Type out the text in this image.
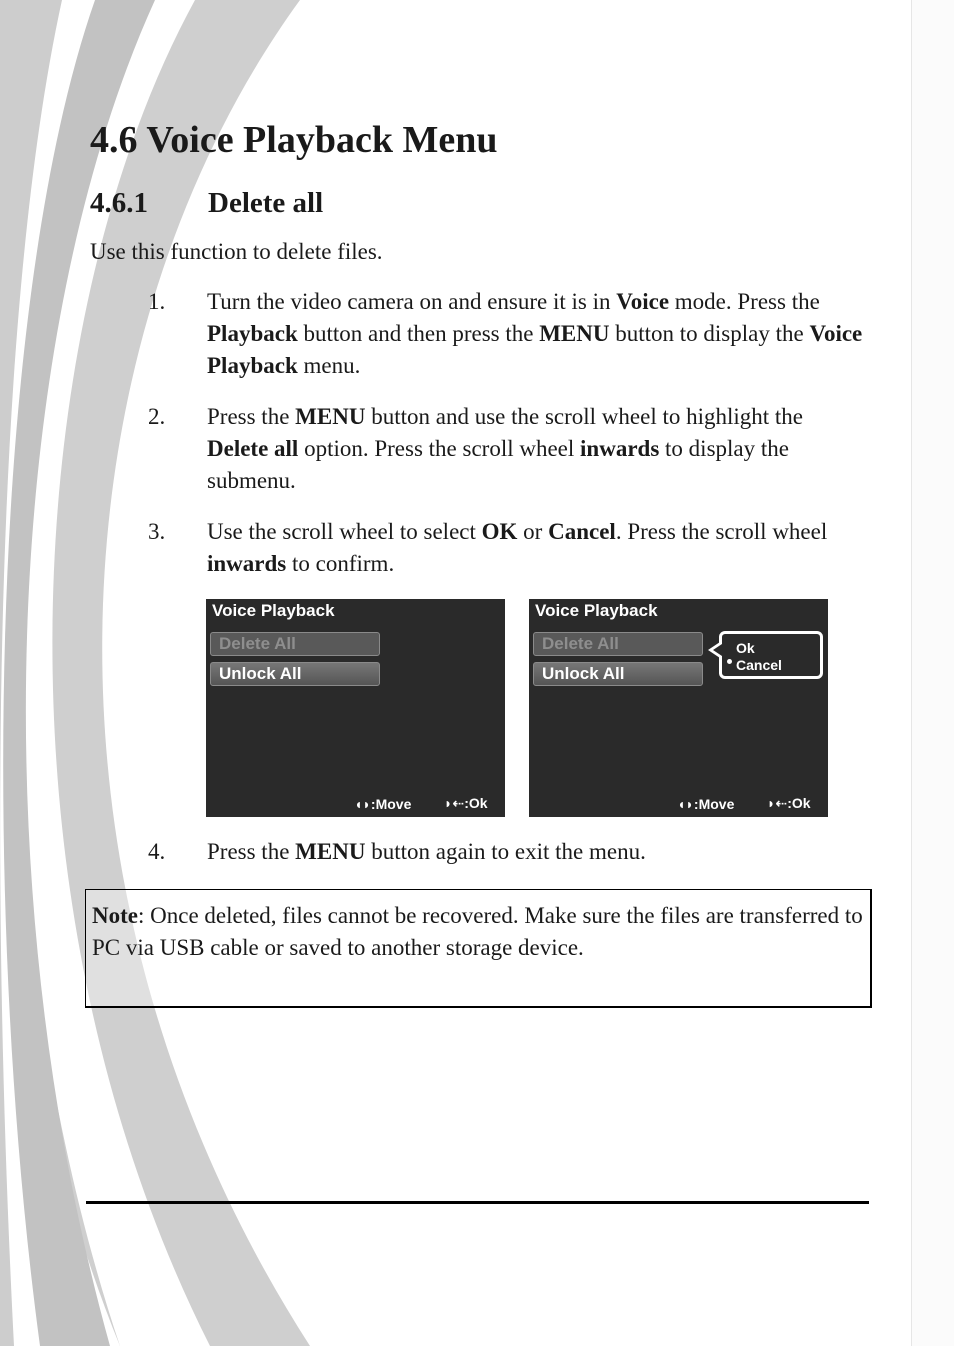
4.6 Voice Playback Menu
4.6.1 Delete all

Use this function to delete files.

1. Turn the video camera on and ensure it is in Voice mode. Press the Playback button and then press the MENU button to display the Voice Playback menu.
2. Press the MENU button and use the scroll wheel to highlight the Delete all option. Press the scroll wheel inwards to display the submenu.
3. Use the scroll wheel to select OK or Cancel. Press the scroll wheel inwards to confirm.
Voice Playback
Delete All
Unlock All
◖◗:Move ◗⇠:Ok
Voice Playback
Delete All
Unlock All
Ok
Cancel
◖◗:Move ◗⇠:Ok
4. Press the MENU button again to exit the menu.
Note: Once deleted, files cannot be recovered. Make sure the files are transferred to PC via USB cable or saved to another storage device.
